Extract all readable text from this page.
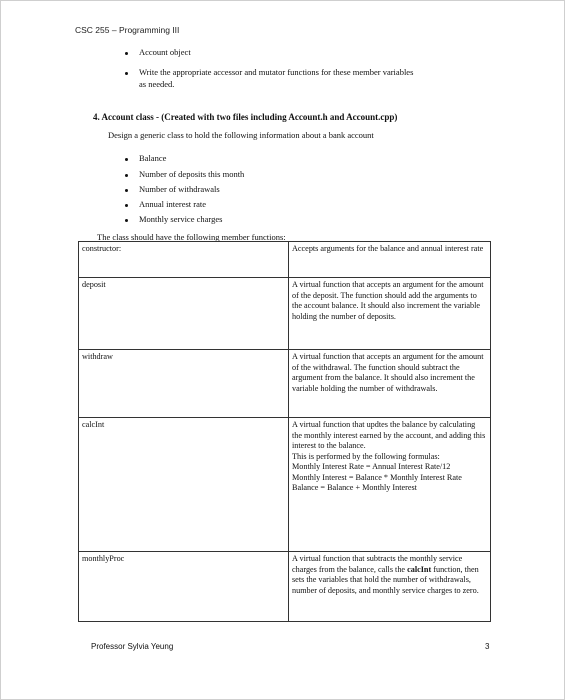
CSC 255 – Programming III
Account object
Write the appropriate accessor and mutator functions for these member variables
as needed.
4. Account class - (Created with two files including Account.h and Account.cpp)
Design a generic class to hold the following information about a bank account
Balance
Number of deposits this month
Number of withdrawals
Annual interest rate
Monthly service charges
The class should have the following member functions:
constructor:	Accepts arguments for the balance and annual interest rate
deposit	A virtual function that accepts an argument for the amount of the deposit. The function should add the arguments to the account balance. It should also increment the variable holding the number of deposits.
withdraw	A virtual function that accepts an argument for the amount of the withdrawal. The function should subtract the argument from the balance. It should also increment the variable holding the number of withdrawals.
calcInt	A virtual function that updtes the balance by calculating the monthly interest earned by the account, and adding this interest to the balance.
This is performed by the following formulas:
Monthly Interest Rate = Annual Interest Rate/12
Monthly Interest = Balance * Monthly Interest Rate
Balance = Balance + Monthly Interest

monthlyProc	A virtual function that subtracts the monthly service charges from the balance, calls the calcInt function, then sets the variables that hold the number of withdrawals, number of deposits, and monthly service charges to zero.
Professor Sylvia Yeung	3
